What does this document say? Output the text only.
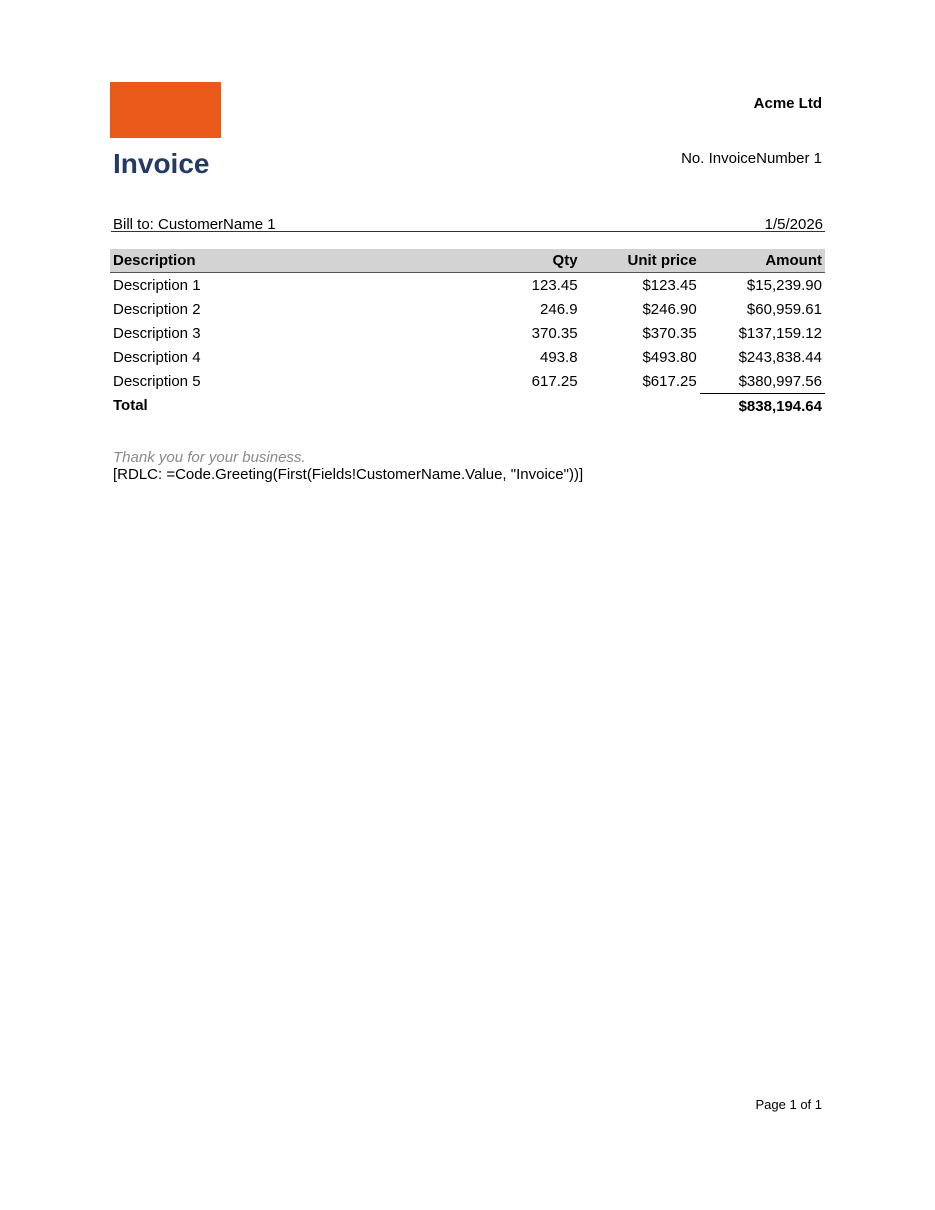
Acme Ltd
Invoice	No. InvoiceNumber 1
Bill to: CustomerName 1	1/5/2026
Description	Qty	Unit price	Amount
Description 1	123.45	$123.45	$15,239.90
Description 2	246.9	$246.90	$60,959.61
Description 3	370.35	$370.35	$137,159.12
Description 4	493.8	$493.80	$243,838.44
Description 5	617.25	$617.25	$380,997.56
Total			$838,194.64
Thank you for your business.
[RDLC: =Code.Greeting(First(Fields!CustomerName.Value, "Invoice"))]
Page 1 of 1
